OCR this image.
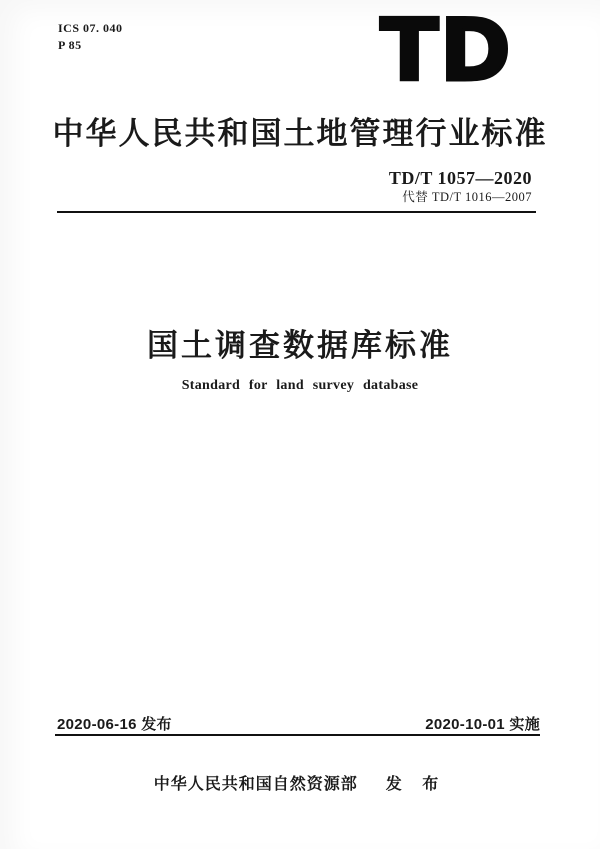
ICS 07. 040
P 85	TD
中华人民共和国土地管理行业标准
TD/T 1057—2020
代替 TD/T 1016—2007
国土调查数据库标准
Standard for land survey database
2020-06-16 发布	2020-10-01 实施
中华人民共和国自然资源部 发 布
